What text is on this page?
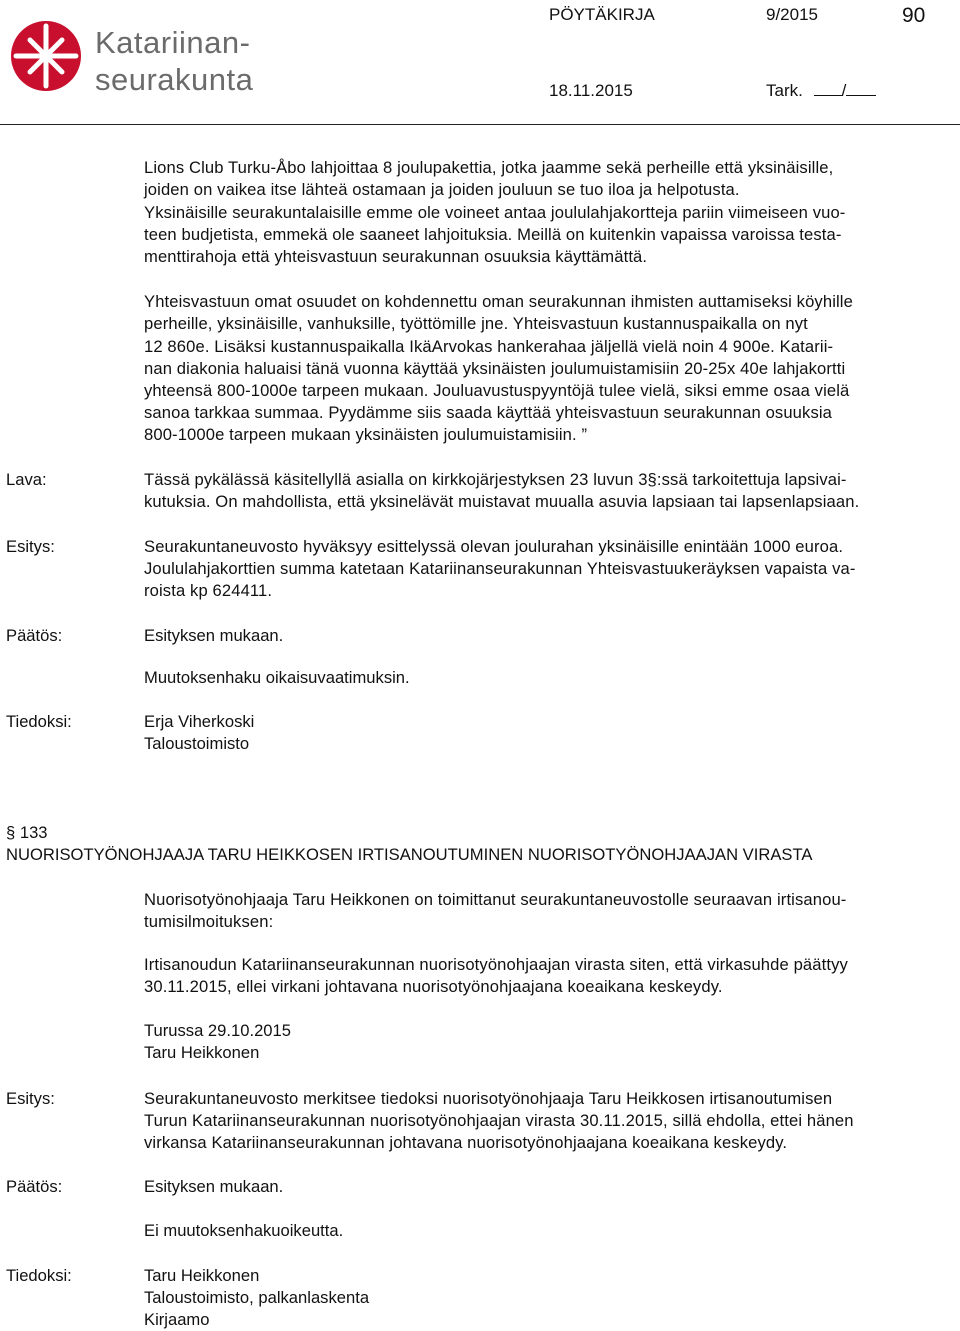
Katariinan-
seurakunta
PÖYTÄKIRJA	9/2015	90
18.11.2015	Tark. /
Lions Club Turku-Åbo lahjoittaa 8 joulupakettia, jotka jaamme sekä perheille että yksinäisille,
joiden on vaikea itse lähteä ostamaan ja joiden jouluun se tuo iloa ja helpotusta.
Yksinäisille seurakuntalaisille emme ole voineet antaa joululahjakortteja pariin viimeiseen vuo-
teen budjetista, emmekä ole saaneet lahjoituksia. Meillä on kuitenkin vapaissa varoissa testa-
menttirahoja että yhteisvastuun seurakunnan osuuksia käyttämättä.
Yhteisvastuun omat osuudet on kohdennettu oman seurakunnan ihmisten auttamiseksi köyhille
perheille, yksinäisille, vanhuksille, työttömille jne. Yhteisvastuun kustannuspaikalla on nyt
12 860e. Lisäksi kustannuspaikalla IkäArvokas hankerahaa jäljellä vielä noin 4 900e. Katarii-
nan diakonia haluaisi tänä vuonna käyttää yksinäisten joulumuistamisiin 20-25x 40e lahjakortti
yhteensä 800-1000e tarpeen mukaan. Jouluavustuspyyntöjä tulee vielä, siksi emme osaa vielä
sanoa tarkkaa summaa. Pyydämme siis saada käyttää yhteisvastuun seurakunnan osuuksia
800-1000e tarpeen mukaan yksinäisten joulumuistamisiin. ”
Lava:	Tässä pykälässä käsitellyllä asialla on kirkkojärjestyksen 23 luvun 3§:ssä tarkoitettuja lapsivai-
kutuksia. On mahdollista, että yksinelävät muistavat muualla asuvia lapsiaan tai lapsenlapsiaan.
Esitys:	Seurakuntaneuvosto hyväksyy esittelyssä olevan joulurahan yksinäisille enintään 1000 euroa.
Joululahjakorttien summa katetaan Katariinanseurakunnan Yhteisvastuukeräyksen vapaista va-
roista kp 624411.
Päätös:	Esityksen mukaan.
Muutoksenhaku oikaisuvaatimuksin.
Tiedoksi:	Erja Viherkoski
Taloustoimisto
§ 133
NUORISOTYÖNOHJAAJA TARU HEIKKOSEN IRTISANOUTUMINEN NUORISOTYÖNOHJAAJAN VIRASTA
Nuorisotyönohjaaja Taru Heikkonen on toimittanut seurakuntaneuvostolle seuraavan irtisanou-
tumisilmoituksen:
Irtisanoudun Katariinanseurakunnan nuorisotyönohjaajan virasta siten, että virkasuhde päättyy
30.11.2015, ellei virkani johtavana nuorisotyönohjaajana koeaikana keskeydy.
Turussa 29.10.2015
Taru Heikkonen
Esitys:	Seurakuntaneuvosto merkitsee tiedoksi nuorisotyönohjaaja Taru Heikkosen irtisanoutumisen
Turun Katariinanseurakunnan nuorisotyönohjaajan virasta 30.11.2015, sillä ehdolla, ettei hänen
virkansa Katariinanseurakunnan johtavana nuorisotyönohjaajana koeaikana keskeydy.
Päätös:	Esityksen mukaan.
Ei muutoksenhakuoikeutta.
Tiedoksi:	Taru Heikkonen
Taloustoimisto, palkanlaskenta
Kirjaamo
